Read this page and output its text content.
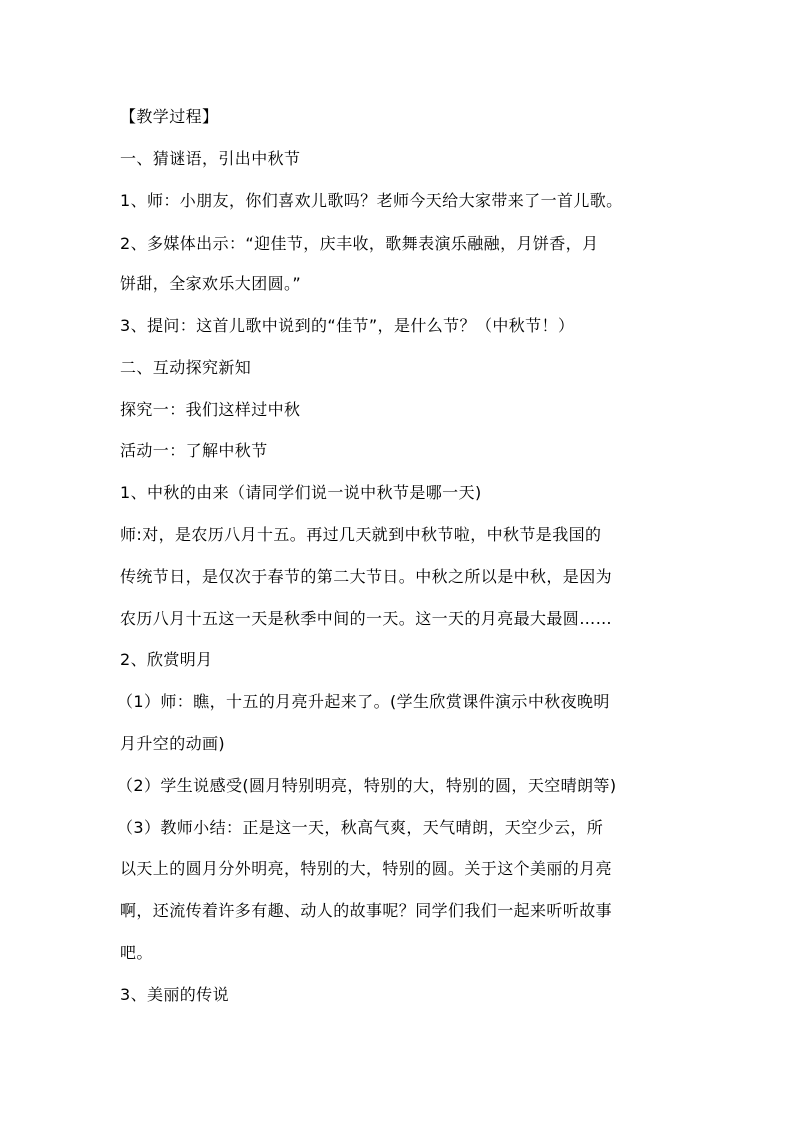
【教学过程】
一、猜谜语，引出中秋节
1、师：小朋友，你们喜欢儿歌吗？老师今天给大家带来了一首儿歌。
2、多媒体出示：“迎佳节，庆丰收，歌舞表演乐融融，月饼香，月
饼甜，全家欢乐大团圆。”
3、提问：这首儿歌中说到的“佳节”，是什么节？（中秋节！）
二、互动探究新知
探究一：我们这样过中秋
活动一：了解中秋节
1、中秋的由来（请同学们说一说中秋节是哪一天)
师:对，是农历八月十五。再过几天就到中秋节啦，中秋节是我国的
传统节日，是仅次于春节的第二大节日。中秋之所以是中秋，是因为
农历八月十五这一天是秋季中间的一天。这一天的月亮最大最圆……
2、欣赏明月
（1）师：瞧，十五的月亮升起来了。(学生欣赏课件演示中秋夜晚明
月升空的动画)
（2）学生说感受(圆月特别明亮，特别的大，特别的圆，天空晴朗等)
（3）教师小结：正是这一天，秋高气爽，天气晴朗，天空少云，所
以天上的圆月分外明亮，特别的大，特别的圆。关于这个美丽的月亮
啊，还流传着许多有趣、动人的故事呢？同学们我们一起来听听故事
吧。
3、美丽的传说
